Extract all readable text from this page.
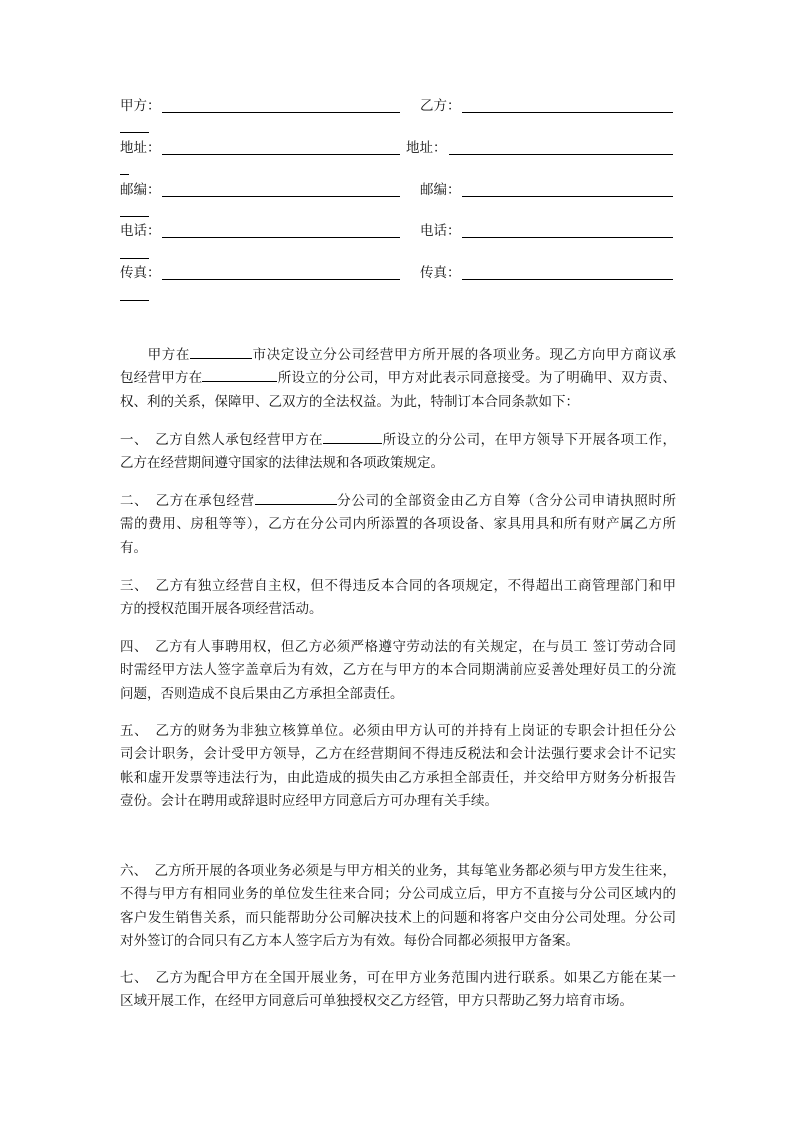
甲方：	乙方：
地址：	地址：
邮编：	邮编：
电话：	电话：
传真：	传真：

甲方在	市决定设立分公司经营甲方所开展的各项业务。现乙方向甲方商议承
包经营甲方在	所设立的分公司，甲方对此表示同意接受。为了明确甲、双方责、
权、利的关系，保障甲、乙双方的全法权益。为此，特制订本合同条款如下：

一、　乙方自然人承包经营甲方在	所设立的分公司，在甲方领导下开展各项工作，
乙方在经营期间遵守国家的法律法规和各项政策规定。

二、　乙方在承包经营	分公司的全部资金由乙方自筹（含分公司申请执照时所
需的费用、房租等等），乙方在分公司内所添置的各项设备、家具用具和所有财产属乙方所
有。

三、　乙方有独立经营自主权，但不得违反本合同的各项规定，不得超出工商管理部门和甲
方的授权范围开展各项经营活动。

四、　乙方有人事聘用权，但乙方必须严格遵守劳动法的有关规定，在与员工 签订劳动合同
时需经甲方法人签字盖章后为有效，乙方在与甲方的本合同期满前应妥善处理好员工的分流
问题，否则造成不良后果由乙方承担全部责任。

五、　乙方的财务为非独立核算单位。必须由甲方认可的并持有上岗证的专职会计担任分公
司会计职务，会计受甲方领导，乙方在经营期间不得违反税法和会计法强行要求会计不记实
帐和虚开发票等违法行为，由此造成的损失由乙方承担全部责任，并交给甲方财务分析报告
壹份。会计在聘用或辞退时应经甲方同意后方可办理有关手续。

六、　乙方所开展的各项业务必须是与甲方相关的业务，其每笔业务都必须与甲方发生往来，
不得与甲方有相同业务的单位发生往来合同；分公司成立后，甲方不直接与分公司区域内的
客户发生销售关系，而只能帮助分公司解决技术上的问题和将客户交由分公司处理。分公司
对外签订的合同只有乙方本人签字后方为有效。每份合同都必须报甲方备案。

七、　乙方为配合甲方在全国开展业务，可在甲方业务范围内进行联系。如果乙方能在某一
区域开展工作，在经甲方同意后可单独授权交乙方经管，甲方只帮助乙努力培育市场。
